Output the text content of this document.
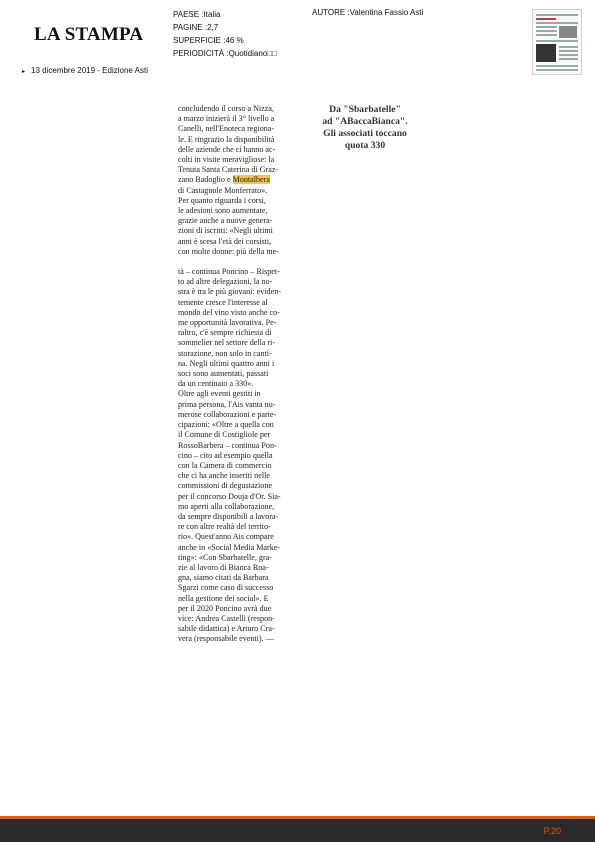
LA STAMPA
PAESE :Italia
PAGINE :2,7
SUPERFICIE :46 %
PERIODICITÀ :Quotidiano□□
AUTORE :Valentina Fassio Asti
▸ 13 dicembre 2019 - Edizione Asti
concludendo il corso a Nizza,
a marzo inizierà il 3° livello a
Canelli, nell'Enoteca regiona-
le. E ringrazio la disponibilità
delle aziende che ci hanno ac-
colti in visite meravigliose: la
Tenuta Santa Caterina di Graz-
zano Badoglio e Montalbera
di Castagnole Monferrato».
Per quanto riguarda i corsi,
le adesioni sono aumentate,
grazie anche a nuove genera-
zioni di iscritti: «Negli ultimi
anni è scesa l'età dei corsisti,
con molte donne: più della me-
tà – continua Poncino – Rispet-
to ad altre delegazioni, la no-
stra è tra le più giovani: eviden-
temente cresce l'interesse al
mondo del vino visto anche co-
me opportunità lavorativa. Pe-
raltro, c'è sempre richiesta di
sommelier nel settore della ri-
storazione, non solo in canti-
na. Negli ultimi quattro anni i
soci sono aumentati, passati
da un centinaio a 330».
Oltre agli eventi gestiti in
prima persona, l'Ais vanta nu-
merose collaborazioni e parte-
cipazioni: «Oltre a quella con
il Comune di Costigliole per
RossoBarbera – continua Pon-
cino – cito ad esempio quella
con la Camera di commercio
che ci ha anche inseriti nelle
commissioni di degustazione
per il concorso Douja d'Or. Sia-
mo aperti alla collaborazione,
da sempre disponibili a lavora-
re con altre realtà del territo-
rio». Quest'anno Ais compare
anche in «Social Media Marke-
ting»: «Con Sbarbatelle, gra-
zie al lavoro di Bianca Roa-
gna, siamo citati da Barbara
Sgarzi come caso di successo
nella gestione dei social». E
per il 2020 Poncino avrà due
vice: Andrea Castelli (respon-
sabile didattica) e Arturo Cra-
vera (responsabile eventi). —
Da "Sbarbatelle"
ad "ABaccaBianca".
Gli associati toccano
quota 330
P.20
